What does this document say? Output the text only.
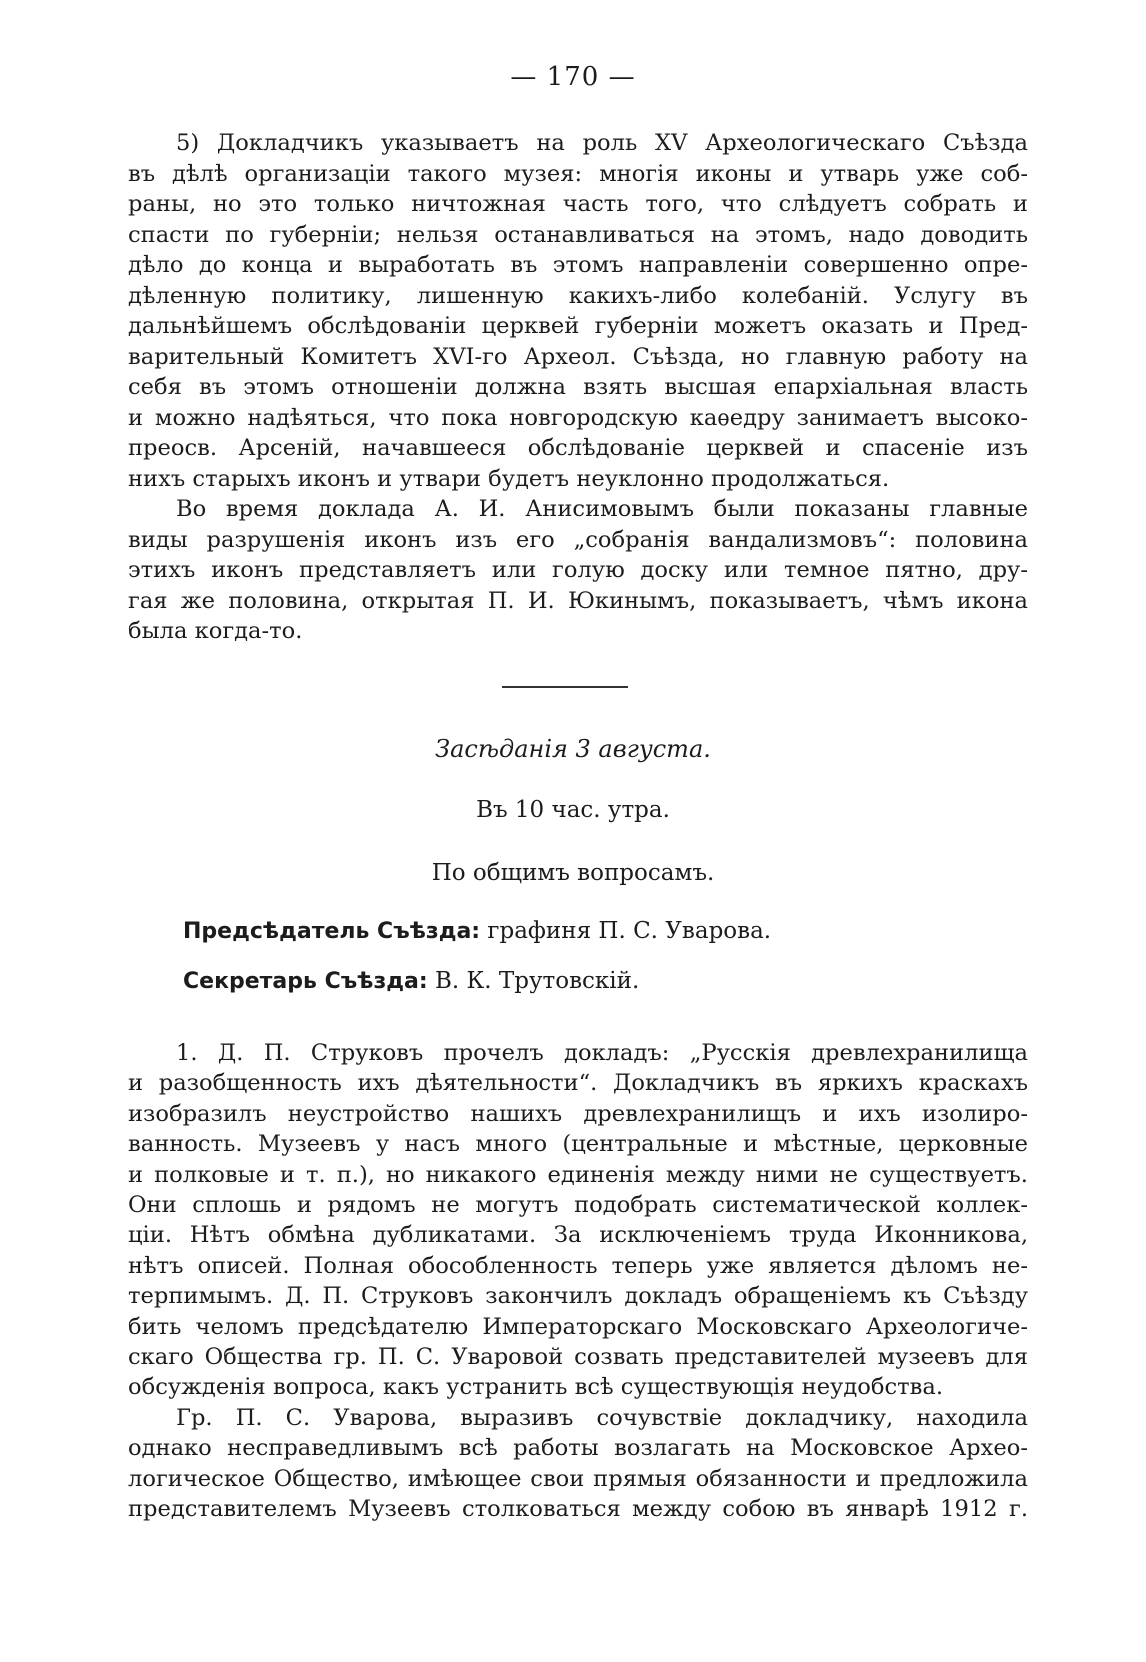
— 170 —

5) Докладчикъ указываетъ на роль XV Археологическаго Съѣзда

въ дѣлѣ организаціи такого музея: многія иконы и утварь уже соб-

раны, но это только ничтожная часть того, что слѣдуетъ собрать и

спасти по губерніи; нельзя останавливаться на этомъ, надо доводить

дѣло до конца и выработать въ этомъ направленіи совершенно опре-

дѣленную политику, лишенную какихъ-либо колебаній. Услугу въ

дальнѣйшемъ обслѣдованіи церквей губерніи можетъ оказать и Пред-

варительный Комитетъ XVI-го Археол. Съѣзда, но главную работу на

себя въ этомъ отношеніи должна взять высшая епархіальная власть

и можно надѣяться, что пока новгородскую каѳедру занимаетъ высоко-

преосв. Арсеній, начавшееся обслѣдованіе церквей и спасеніе изъ

нихъ старыхъ иконъ и утвари будетъ неуклонно продолжаться.

Во время доклада А. И. Анисимовымъ были показаны главные

виды разрушенія иконъ изъ его „собранія вандализмовъ“: половина

этихъ иконъ представляетъ или голую доску или темное пятно, дру-

гая же половина, открытая П. И. Юкинымъ, показываетъ, чѣмъ икона

была когда-то.

Засѣданія 3 августа.
Въ 10 час. утра.
По общимъ вопросамъ.
Предсѣдатель Съѣзда: графиня П. С. Уварова.
Секретарь Съѣзда: В. К. Трутовскій.

1. Д. П. Струковъ прочелъ докладъ: „Русскія древлехранилища

и разобщенность ихъ дѣятельности“. Докладчикъ въ яркихъ краскахъ

изобразилъ неустройство нашихъ древлехранилищъ и ихъ изолиро-

ванность. Музеевъ у насъ много (центральные и мѣстные, церковные

и полковые и т. п.), но никакого единенія между ними не существуетъ.

Они сплошь и рядомъ не могутъ подобрать систематической коллек-

ціи. Нѣтъ обмѣна дубликатами. За исключеніемъ труда Иконникова,

нѣтъ описей. Полная обособленность теперь уже является дѣломъ не-

терпимымъ. Д. П. Струковъ закончилъ докладъ обращеніемъ къ Съѣзду

бить челомъ предсѣдателю Императорскаго Московскаго Археологиче-

скаго Общества гр. П. С. Уваровой созвать представителей музеевъ для

обсужденія вопроса, какъ устранить всѣ существующія неудобства.

Гр. П. С. Уварова, выразивъ сочувствіе докладчику, находила

однако несправедливымъ всѣ работы возлагать на Московское Архео-

логическое Общество, имѣющее свои прямыя обязанности и предложила

представителемъ Музеевъ столковаться между собою въ январѣ 1912 г.
